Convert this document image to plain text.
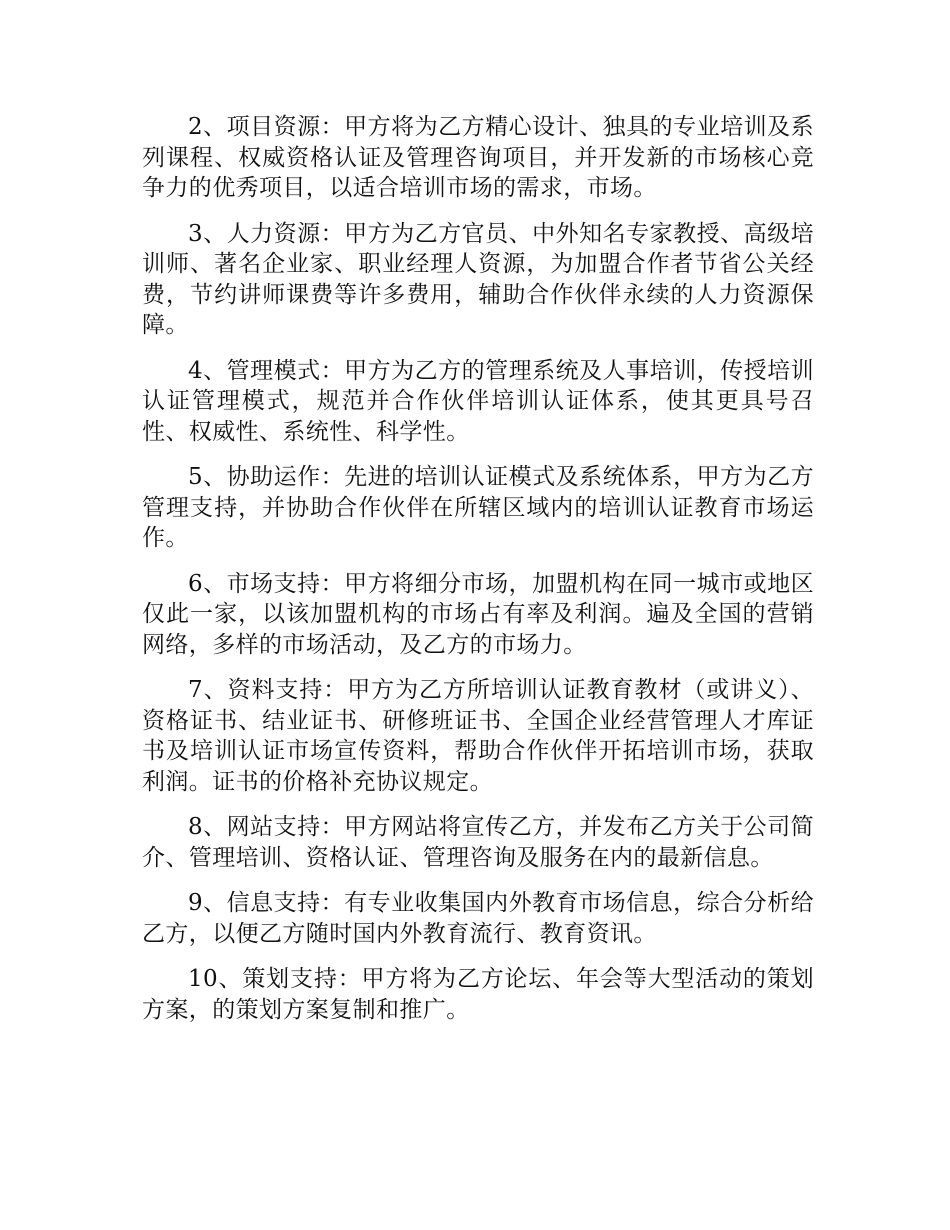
2、项目资源：甲方将为乙方精心设计、独具的专业培训及系列课程、权威资格认证及管理咨询项目，并开发新的市场核心竞争力的优秀项目，以适合培训市场的需求，市场。

3、人力资源：甲方为乙方官员、中外知名专家教授、高级培训师、著名企业家、职业经理人资源，为加盟合作者节省公关经费，节约讲师课费等许多费用，辅助合作伙伴永续的人力资源保障。

4、管理模式：甲方为乙方的管理系统及人事培训，传授培训认证管理模式，规范并合作伙伴培训认证体系，使其更具号召性、权威性、系统性、科学性。

5、协助运作：先进的培训认证模式及系统体系，甲方为乙方管理支持，并协助合作伙伴在所辖区域内的培训认证教育市场运作。

6、市场支持：甲方将细分市场，加盟机构在同一城市或地区仅此一家，以该加盟机构的市场占有率及利润。遍及全国的营销网络，多样的市场活动，及乙方的市场力。

7、资料支持：甲方为乙方所培训认证教育教材（或讲义）、资格证书、结业证书、研修班证书、全国企业经营管理人才库证书及培训认证市场宣传资料，帮助合作伙伴开拓培训市场，获取利润。证书的价格补充协议规定。

8、网站支持：甲方网站将宣传乙方，并发布乙方关于公司简介、管理培训、资格认证、管理咨询及服务在内的最新信息。

9、信息支持：有专业收集国内外教育市场信息，综合分析给乙方，以便乙方随时国内外教育流行、教育资讯。

10、策划支持：甲方将为乙方论坛、年会等大型活动的策划方案，的策划方案复制和推广。
